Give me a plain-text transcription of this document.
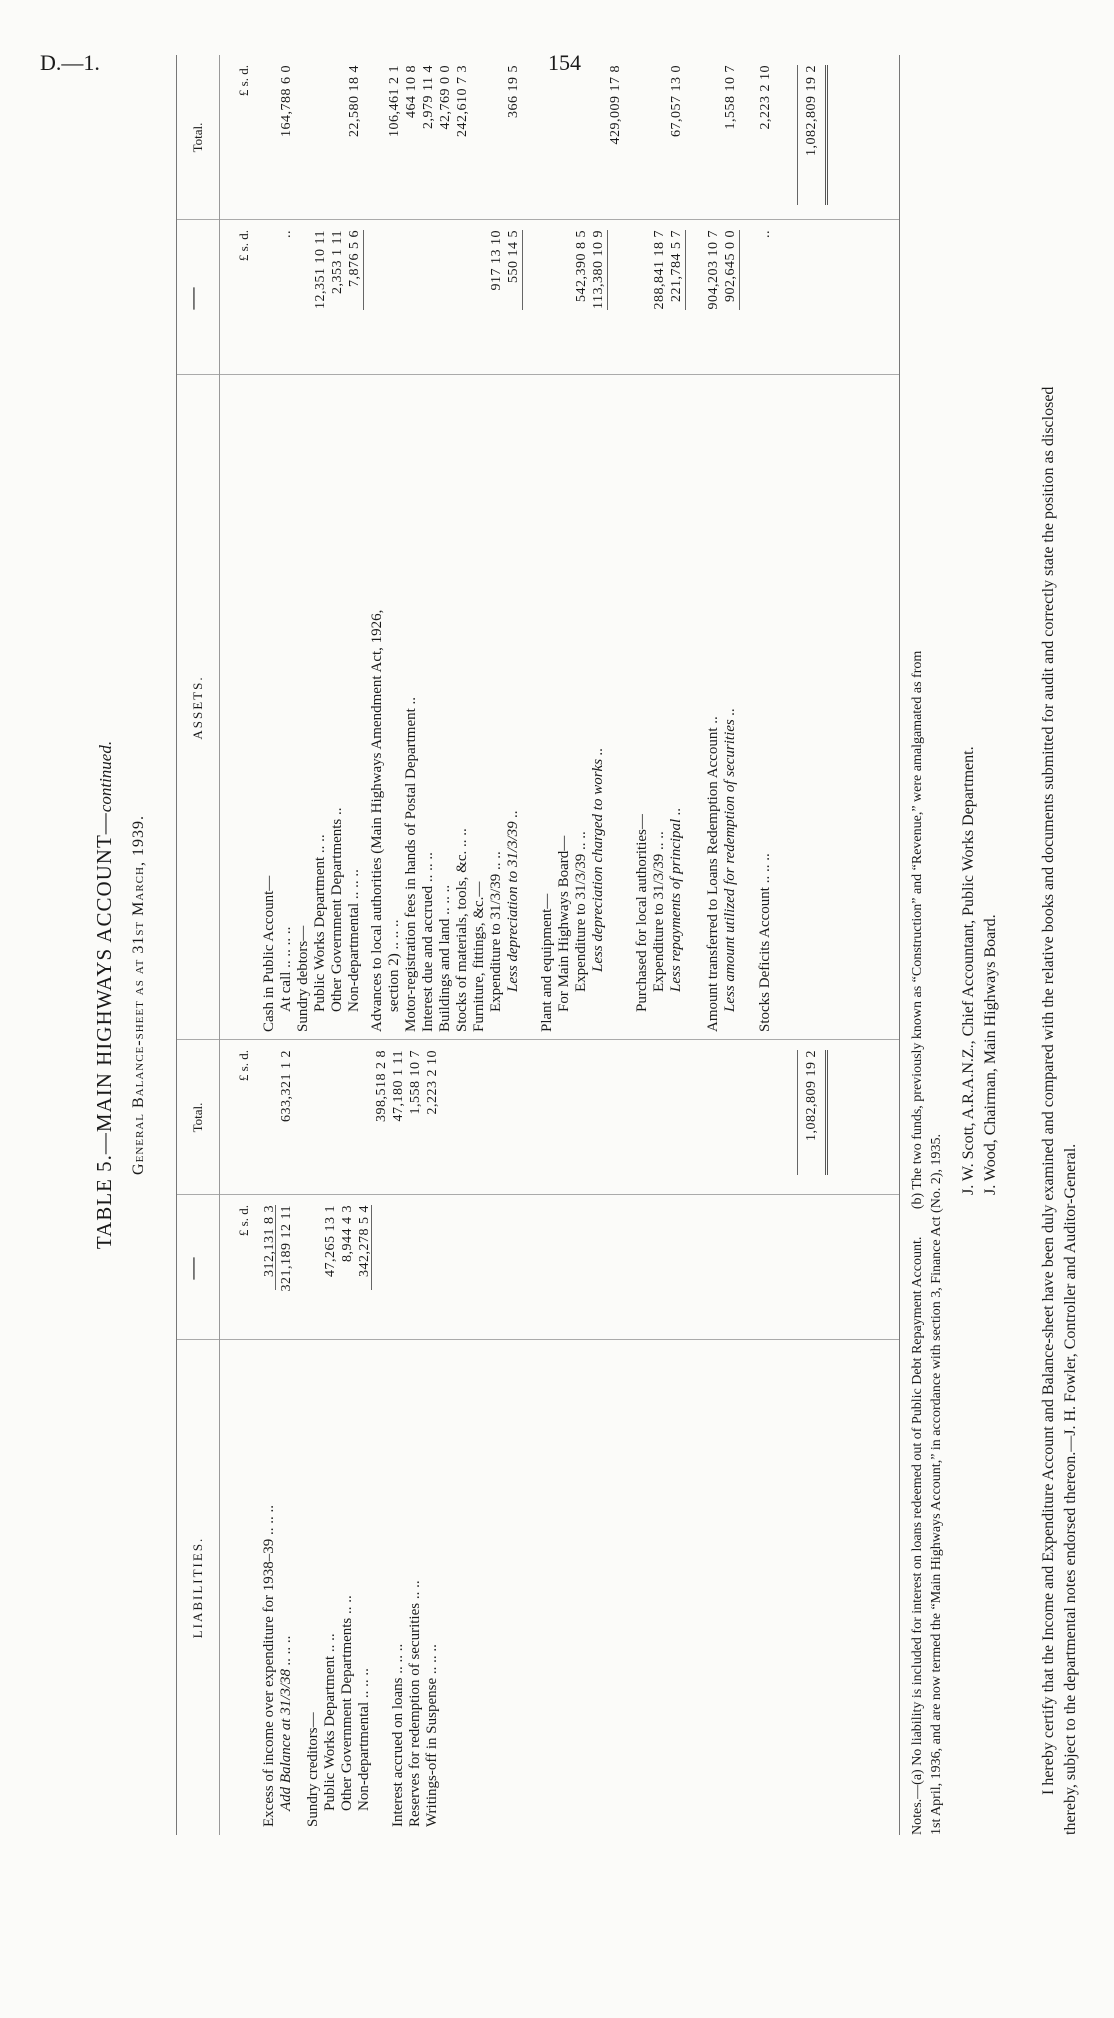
D.—1.	154
TABLE 5.—MAIN HIGHWAYS ACCOUNT—continued.
General Balance-sheet as at 31st March, 1939.
LIABILITIES.
—
Total.
ASSETS.
—
Total.
£ s. d.
£ s. d.
£ s. d.
£ s. d.
Excess of income over expenditure for 1938–39 .. .. ..
312,131 8 3
Add Balance at 31/3/38 .. .. ..
321,189 12 11
633,321 1 2
Sundry creditors— Public Works Department .. ..
47,265 13 1
Other Government Departments .. ..
8,944 4 3
Non-departmental .. .. ..
342,278 5 4
398,518 2 8
Interest accrued on loans .. .. ..
47,180 1 11
Reserves for redemption of securities .. ..
1,558 10 7
Writings-off in Suspense .. .. ..
2,223 2 10
Cash in Public Account— At call .. .. .. ..
..
164,788 6 0
Sundry debtors— Public Works Department .. ..
12,351 10 11
Other Government Departments ..
2,353 1 11
Non-departmental .. .. ..
7,876 5 6
22,580 18 4
Advances to local authorities (Main Highways Amendment Act, 1926, section 2) .. .. ..
106,461 2 1
Motor-registration fees in hands of Postal Department ..
464 10 8
Interest due and accrued .. .. ..
2,979 11 4
Buildings and land .. .. ..
42,769 0 0
Stocks of materials, tools, &c. .. ..
242,610 7 3
Furniture, fittings, &c.— Expenditure to 31/3/39 .. ..
917 13 10
Less depreciation to 31/3/39 ..
550 14 5
366 19 5
Plant and equipment— For Main Highways Board— Expenditure to 31/3/39 .. ..
542,390 8 5
Less depreciation charged to works ..
113,380 10 9
429,009 17 8
Purchased for local authorities— Expenditure to 31/3/39 .. ..
288,841 18 7
Less repayments of principal ..
221,784 5 7
67,057 13 0
Amount transferred to Loans Redemption Account ..
904,203 10 7
Less amount utilized for redemption of securities ..
902,645 0 0
1,558 10 7
Stocks Deficits Account .. .. ..
..
2,223 2 10
1,082,809 19 2
1,082,809 19 2
Notes.—(a) No liability is included for interest on loans redeemed out of Public Debt Repayment Account. (b) The two funds, previously known as “Construction” and “Revenue,” were amalgamated as from
1st April, 1936, and are now termed the “Main Highways Account,” in accordance with section 3, Finance Act (No. 2), 1935.
J. W. Scott, A.R.A.N.Z., Chief Accountant, Public Works Department. J. Wood, Chairman, Main Highways Board.	I hereby certify that the Income and Expenditure Account and Balance-sheet have been duly examined and compared with the relative books and documents submitted for audit and correctly state the position as disclosed thereby, subject to the departmental notes endorsed thereon.—J. H. Fowler, Controller and Auditor-General.
